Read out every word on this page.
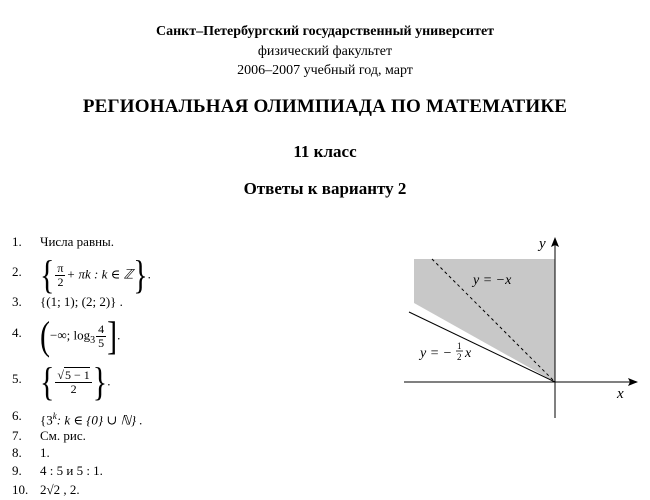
Санкт–Петербургский государственный университет
физический факультет
2006–2007 учебный год, март
РЕГИОНАЛЬНАЯ ОЛИМПИАДА ПО МАТЕМАТИКЕ
11 класс
Ответы к варианту 2
1. Числа равны.
2. { $\frac{\pi}{2} + \pi k$ : k ∈ ℤ}.
3. {(1; 1); (2; 2)} .
4. (−∞; $\log_3 \frac{4}{5}$ ].
5. { $\frac{√5 - 1}{2}$ }.
6. {3$^k$: k ∈ {0} ∪ ℕ} .
7. См. рис.
8. 1.
9. 4 : 5 и 5 : 1.
10. 2√2 , 2.
x
y
y = −x
y = − 1
2 x
